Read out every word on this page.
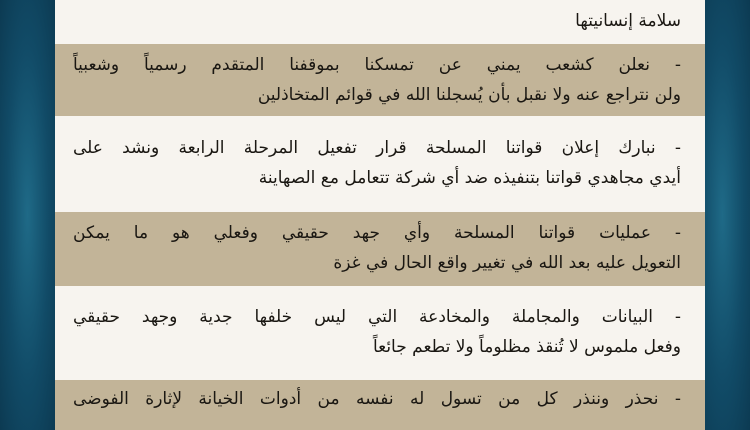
سلامة إنسانيتها
- نعلن كشعب يمني عن تمسكنا بموقفنا المتقدم رسمياً وشعبياً
ولن نتراجع عنه ولا نقبل بأن يُسجلنا الله في قوائم المتخاذلين
- نبارك إعلان قواتنا المسلحة قرار تفعيل المرحلة الرابعة ونشد على
أيدي مجاهدي قواتنا بتنفيذه ضد أي شركة تتعامل مع الصهاينة
- عمليات قواتنا المسلحة وأي جهد حقيقي وفعلي هو ما يمكن
التعويل عليه بعد الله في تغيير واقع الحال في غزة
- البيانات والمجاملة والمخادعة التي ليس خلفها جدية وجهد حقيقي
وفعل ملموس لا تُنقذ مظلوماً ولا تطعم جائعاً
- نحذر وننذر كل من تسول له نفسه من أدوات الخيانة لإثارة الفوضى
